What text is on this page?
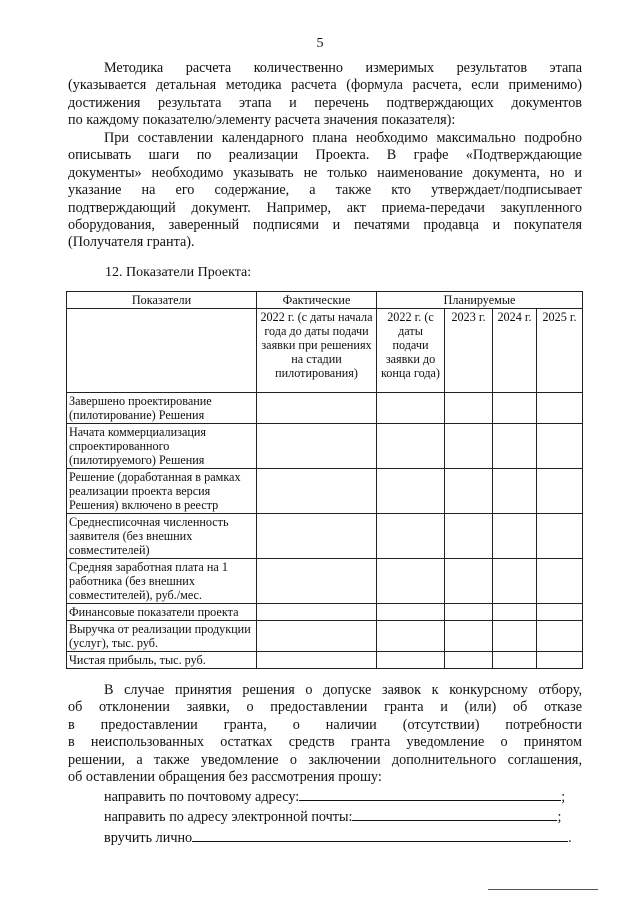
5
Методика расчета количественно измеримых результатов этапа
(указывается детальная методика расчета (формула расчета, если применимо)
достижения результата этапа и перечень подтверждающих документов
по каждому показателю/элементу расчета значения показателя):
При составлении календарного плана необходимо максимально подробно
описывать шаги по реализации Проекта. В графе «Подтверждающие
документы» необходимо указывать не только наименование документа, но и
указание на его содержание, а также кто утверждает/подписывает
подтверждающий документ. Например, акт приема-передачи закупленного
оборудования, заверенный подписями и печатями продавца и покупателя
(Получателя гранта).
12. Показатели Проекта:
Показатели	Фактические	Планируемые			
	2022 г. (с даты начала года до даты подачи заявки при решениях на стадии пилотирования)	2022 г. (с даты подачи заявки до конца года)	2023 г.	2024 г.	2025 г.
Завершено проектирование (пилотирование) Решения					
Начата коммерциализация спроектированного (пилотируемого) Решения					
Решение (доработанная в рамках реализации проекта версия Решения) включено в реестр					
Среднесписочная численность заявителя (без внешних совместителей)					
Средняя заработная плата на 1 работника (без внешних совместителей), руб./мес.					
Финансовые показатели проекта					
Выручка от реализации продукции (услуг), тыс. руб.					
Чистая прибыль, тыс. руб.					
В случае принятия решения о допуске заявок к конкурсному отбору,
об отклонении заявки, о предоставлении гранта и (или) об отказе
в предоставлении гранта, о наличии (отсутствии) потребности
в неиспользованных остатках средств гранта уведомление о принятом
решении, а также уведомление о заключении дополнительного соглашения,
об оставлении обращения без рассмотрения прошу:
направить по почтовому адресу:	;
направить по адресу электронной почты:	;
вручить лично	.
